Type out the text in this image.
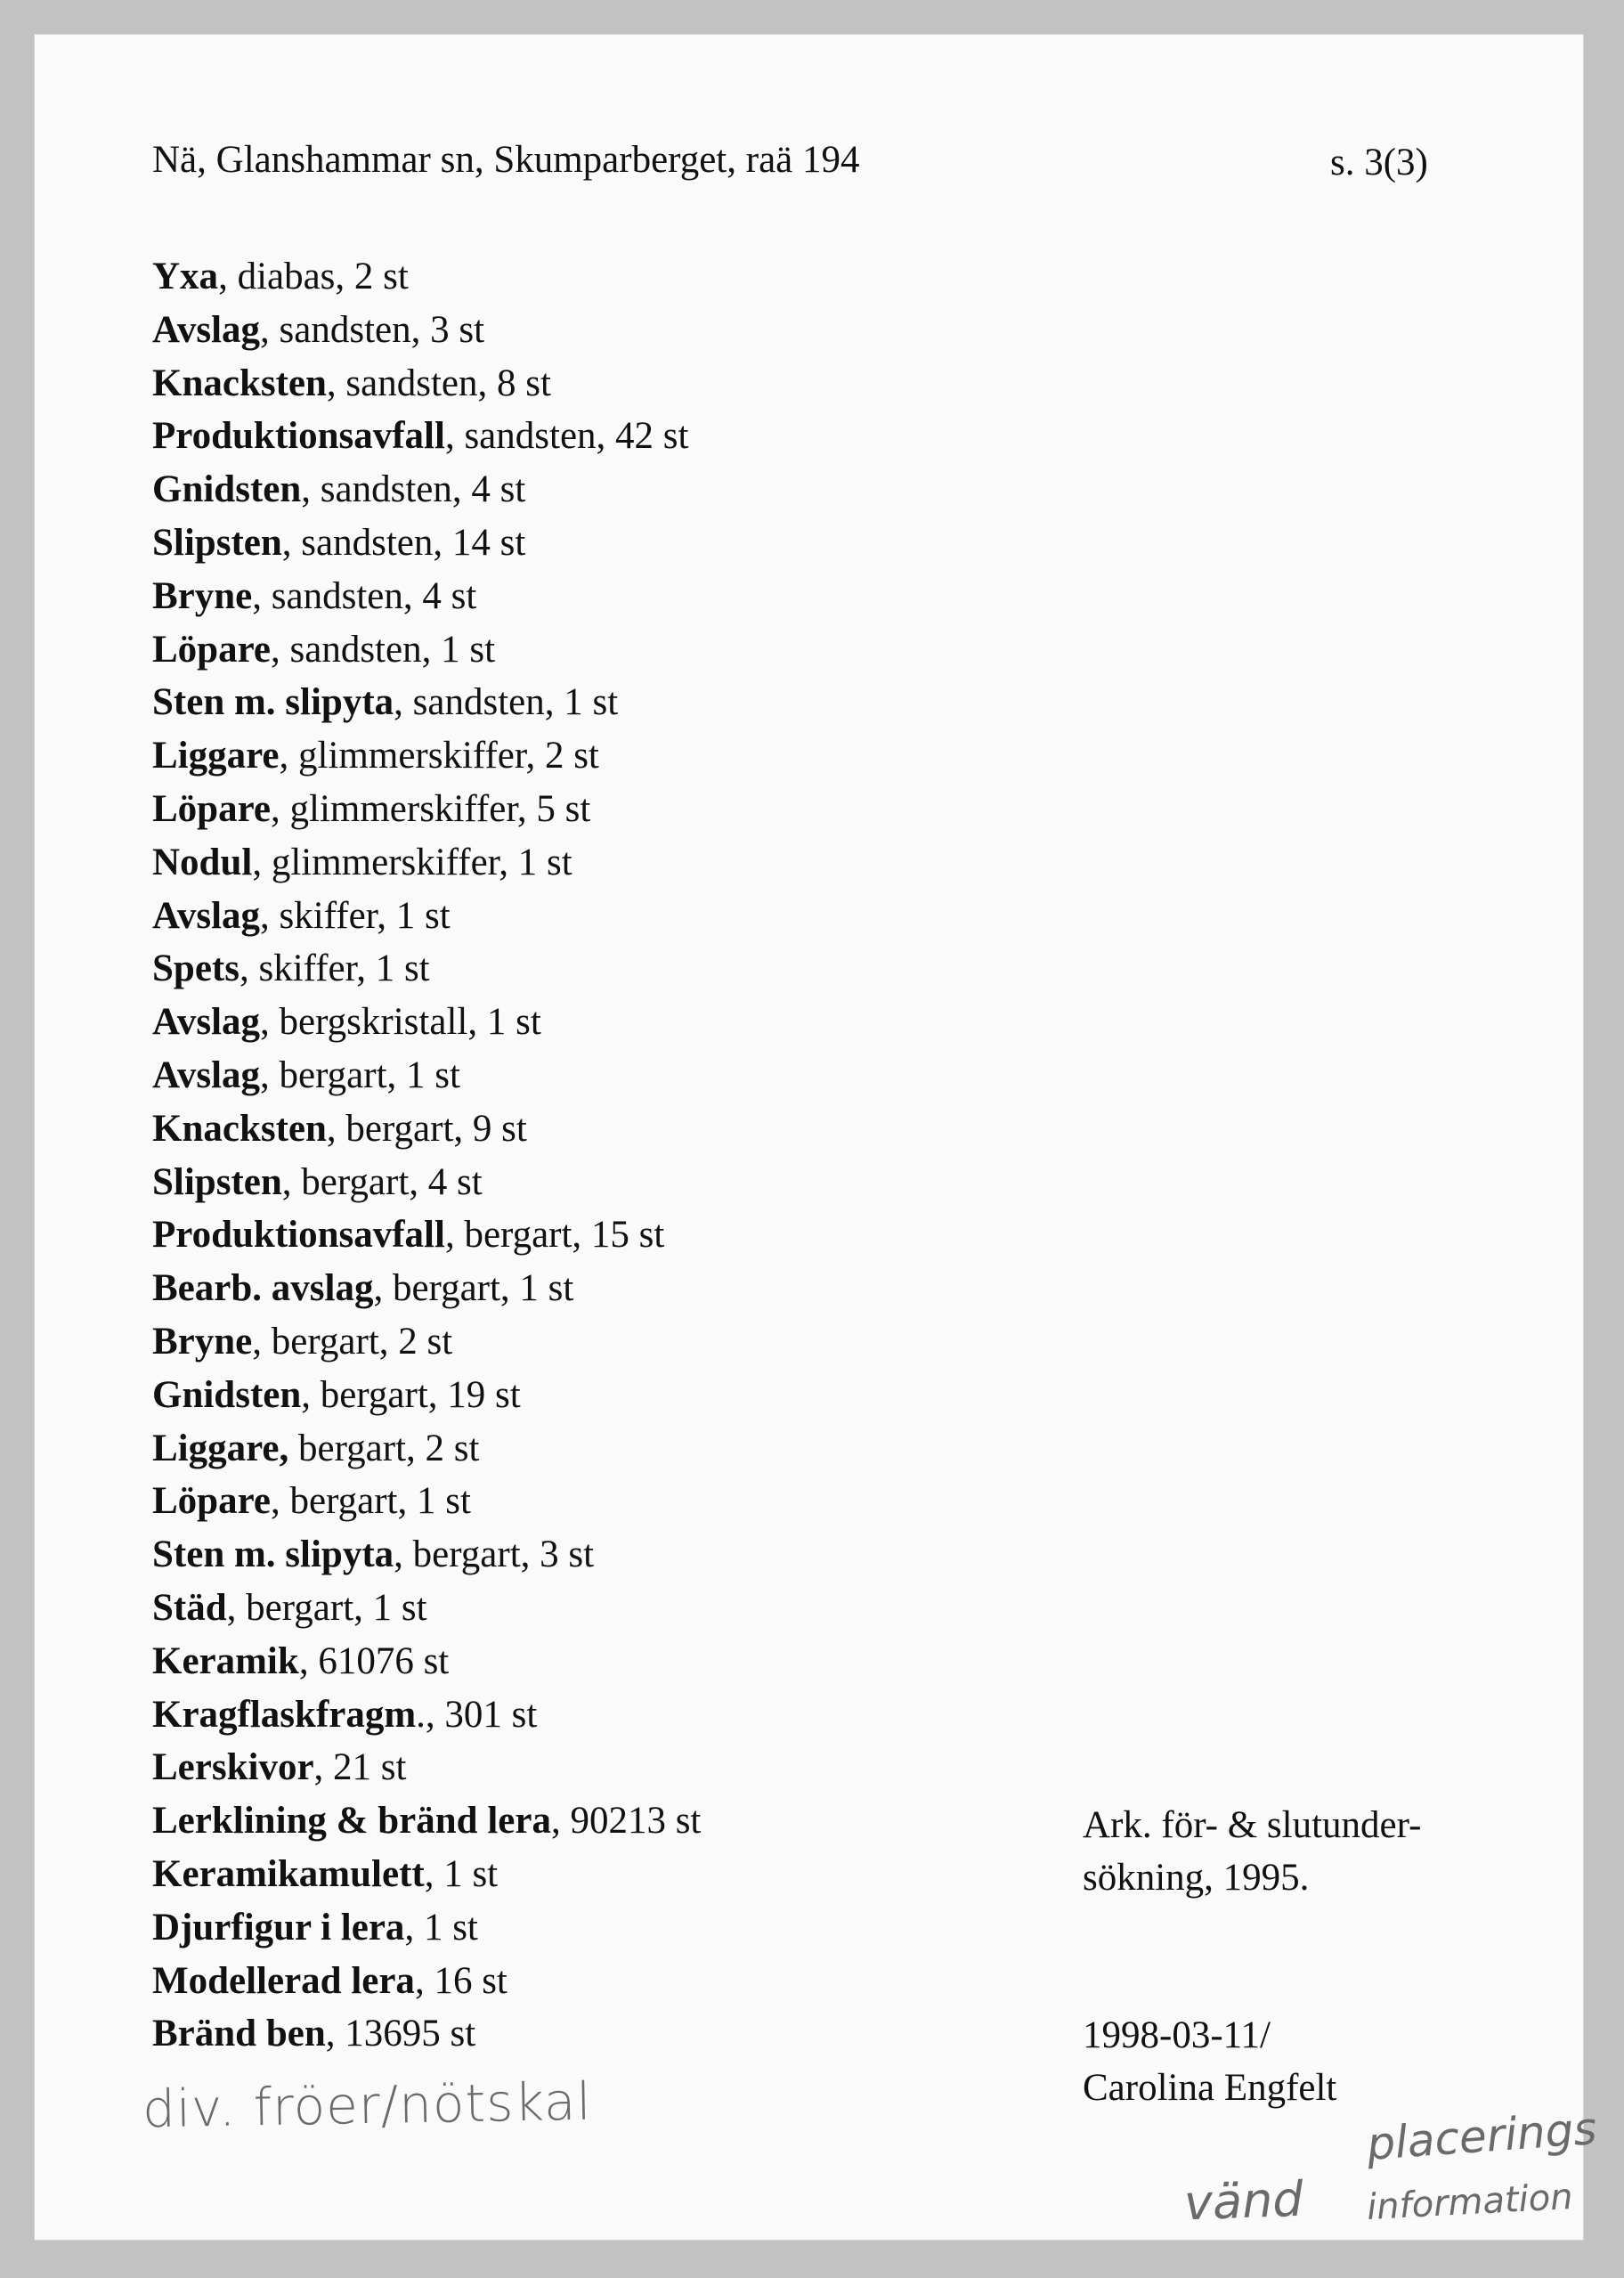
Nä, Glanshammar sn, Skumparberget, raä 194	s. 3(3)
Yxa, diabas, 2 st
Avslag, sandsten, 3 st
Knacksten, sandsten, 8 st
Produktionsavfall, sandsten, 42 st
Gnidsten, sandsten, 4 st
Slipsten, sandsten, 14 st
Bryne, sandsten, 4 st
Löpare, sandsten, 1 st
Sten m. slipyta, sandsten, 1 st
Liggare, glimmerskiffer, 2 st
Löpare, glimmerskiffer, 5 st
Nodul, glimmerskiffer, 1 st
Avslag, skiffer, 1 st
Spets, skiffer, 1 st
Avslag, bergskristall, 1 st
Avslag, bergart, 1 st
Knacksten, bergart, 9 st
Slipsten, bergart, 4 st
Produktionsavfall, bergart, 15 st
Bearb. avslag, bergart, 1 st
Bryne, bergart, 2 st
Gnidsten, bergart, 19 st
Liggare, bergart, 2 st
Löpare, bergart, 1 st
Sten m. slipyta, bergart, 3 st
Städ, bergart, 1 st
Keramik, 61076 st
Kragflaskfragm., 301 st
Lerskivor, 21 st
Lerklining & bränd lera, 90213 st
Keramikamulett, 1 st
Djurfigur i lera, 1 st
Modellerad lera, 16 st
Bränd ben, 13695 st
Ark. för- & slutunder-
sökning, 1995.
1998-03-11/
Carolina Engfelt
div. fröer/nötskal	placerings
vänd information
